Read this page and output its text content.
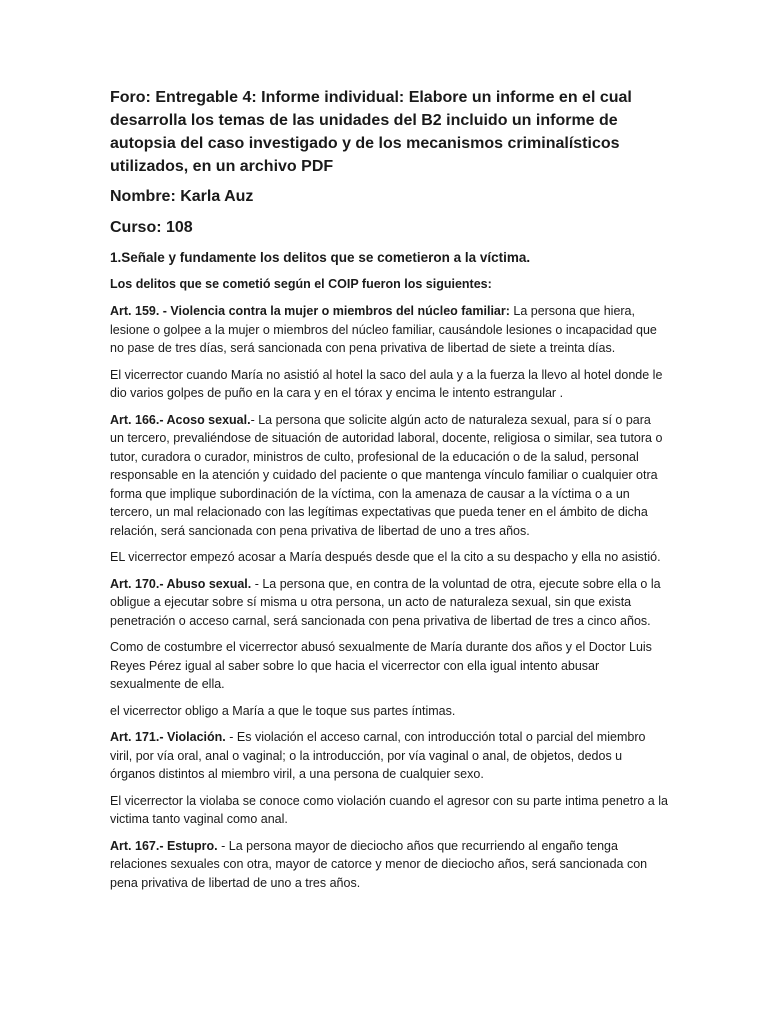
Foro: Entregable 4: Informe individual: Elabore un informe en el cual desarrolla los temas de las unidades del B2 incluido un informe de autopsia del caso investigado y de los mecanismos criminalísticos utilizados, en un archivo PDF
Nombre: Karla Auz
Curso: 108
1.Señale y fundamente los delitos que se cometieron a la víctima.
Los delitos que se cometió según el COIP fueron los siguientes:

Art. 159. - Violencia contra la mujer o miembros del núcleo familiar: La persona que hiera, lesione o golpee a la mujer o miembros del núcleo familiar, causándole lesiones o incapacidad que no pase de tres días, será sancionada con pena privativa de libertad de siete a treinta días.

El vicerrector cuando María no asistió al hotel la saco del aula y a la fuerza la llevo al hotel donde le dio varios golpes de puño en la cara y en el tórax y encima le intento estrangular .

Art. 166.- Acoso sexual.- La persona que solicite algún acto de naturaleza sexual, para sí o para un tercero, prevaliéndose de situación de autoridad laboral, docente, religiosa o similar, sea tutora o tutor, curadora o curador, ministros de culto, profesional de la educación o de la salud, personal responsable en la atención y cuidado del paciente o que mantenga vínculo familiar o cualquier otra forma que implique subordinación de la víctima, con la amenaza de causar a la víctima o a un tercero, un mal relacionado con las legítimas expectativas que pueda tener en el ámbito de dicha relación, será sancionada con pena privativa de libertad de uno a tres años.

EL vicerrector empezó acosar a María después desde que el la cito a su despacho y ella no asistió.

Art. 170.- Abuso sexual. - La persona que, en contra de la voluntad de otra, ejecute sobre ella o la obligue a ejecutar sobre sí misma u otra persona, un acto de naturaleza sexual, sin que exista penetración o acceso carnal, será sancionada con pena privativa de libertad de tres a cinco años.

Como de costumbre el vicerrector abusó sexualmente de María durante dos años y el Doctor Luis Reyes Pérez igual al saber sobre lo que hacia el vicerrector con ella igual intento abusar sexualmente de ella.

el vicerrector obligo a María a que le toque sus partes íntimas.

Art. 171.- Violación. - Es violación el acceso carnal, con introducción total o parcial del miembro viril, por vía oral, anal o vaginal; o la introducción, por vía vaginal o anal, de objetos, dedos u órganos distintos al miembro viril, a una persona de cualquier sexo.

El vicerrector la violaba se conoce como violación cuando el agresor con su parte intima penetro a la victima tanto vaginal como anal.

Art. 167.- Estupro. - La persona mayor de dieciocho años que recurriendo al engaño tenga relaciones sexuales con otra, mayor de catorce y menor de dieciocho años, será sancionada con pena privativa de libertad de uno a tres años.
